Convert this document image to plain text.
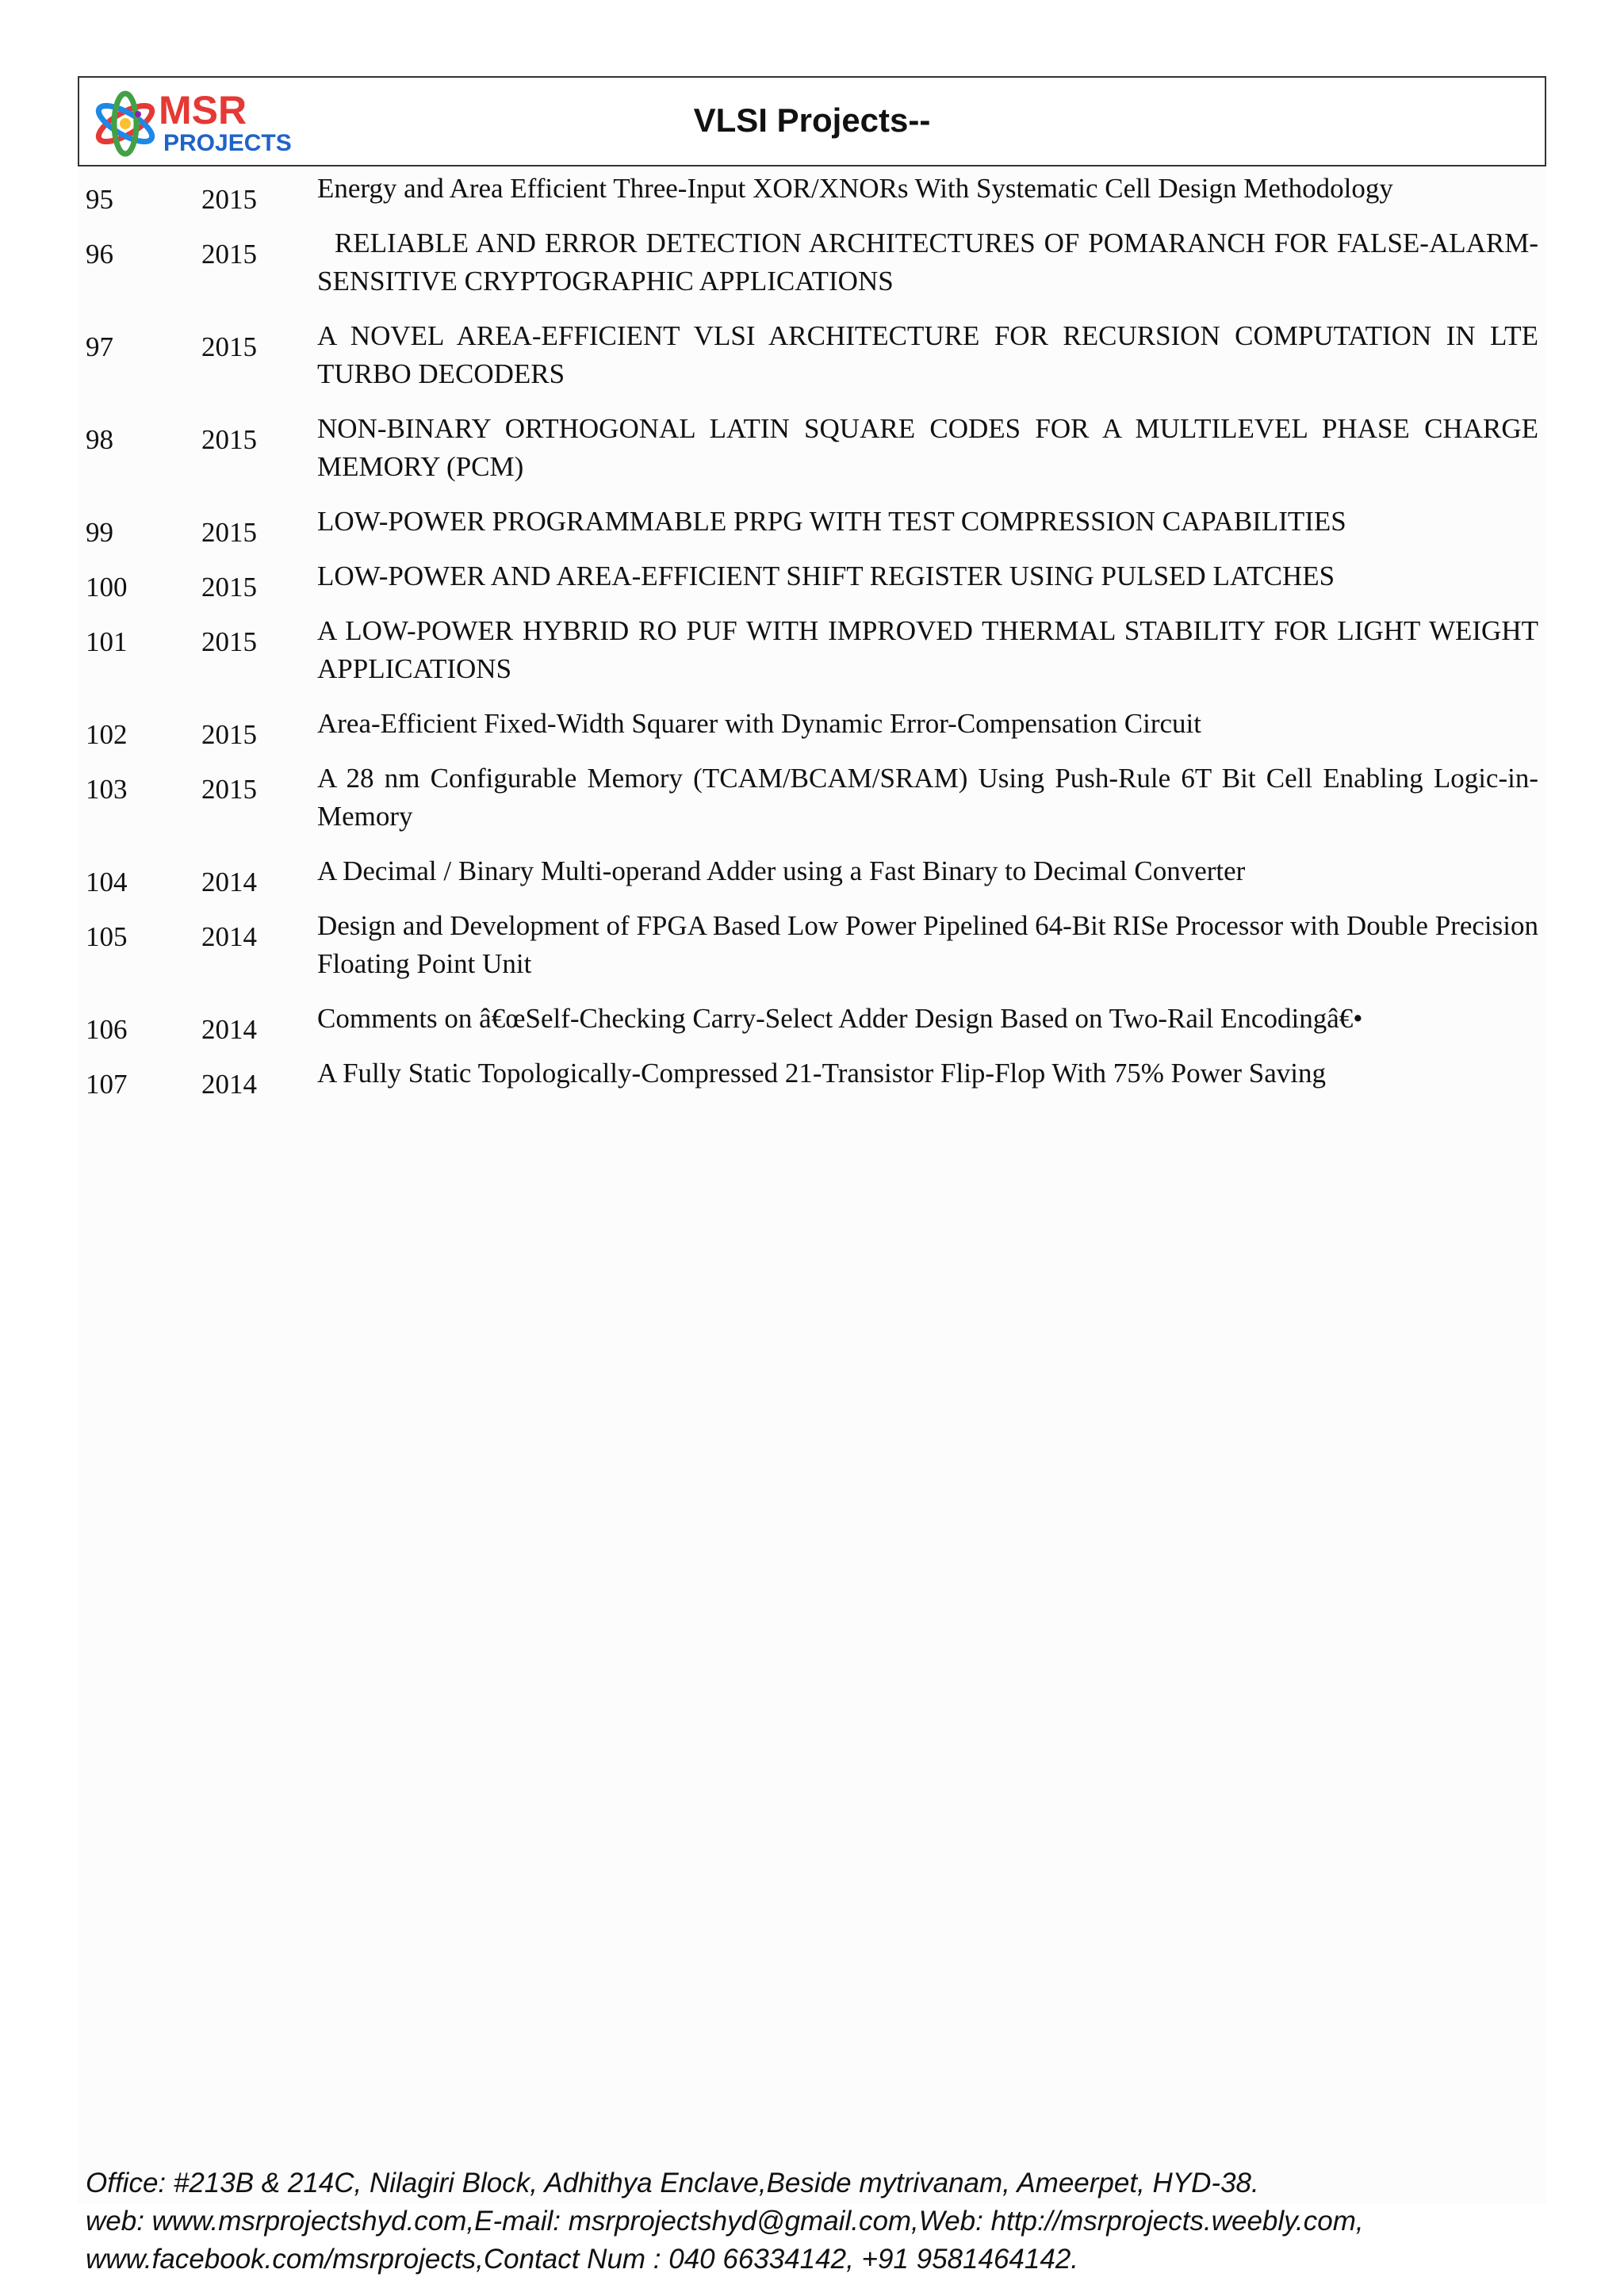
MSR
PROJECTS
VLSI Projects--
95	2015 Energy and Area Efficient Three-Input XOR/XNORs With Systematic Cell Design Methodology
96	2015 RELIABLE AND ERROR DETECTION ARCHITECTURES OF POMARANCH FOR FALSE-ALARM-SENSITIVE CRYPTOGRAPHIC APPLICATIONS
97	2015 A NOVEL AREA-EFFICIENT VLSI ARCHITECTURE FOR RECURSION COMPUTATION IN LTE TURBO DECODERS
98	2015 NON-BINARY ORTHOGONAL LATIN SQUARE CODES FOR A MULTILEVEL PHASE CHARGE MEMORY (PCM)
99	2015 LOW-POWER PROGRAMMABLE PRPG WITH TEST COMPRESSION CAPABILITIES
100	2015 LOW-POWER AND AREA-EFFICIENT SHIFT REGISTER USING PULSED LATCHES
101	2015 A LOW-POWER HYBRID RO PUF WITH IMPROVED THERMAL STABILITY FOR LIGHT WEIGHT APPLICATIONS
102	2015 Area-Efficient Fixed-Width Squarer with Dynamic Error-Compensation Circuit
103	2015 A 28 nm Configurable Memory (TCAM/BCAM/SRAM) Using Push-Rule 6T Bit Cell Enabling Logic-in-Memory
104	2014 A Decimal / Binary Multi-operand Adder using a Fast Binary to Decimal Converter
105	2014 Design and Development of FPGA Based Low Power Pipelined 64-Bit RISe Processor with Double Precision Floating Point Unit
106	2014 Comments on â€œSelf-Checking Carry-Select Adder Design Based on Two-Rail Encodingâ€•
107	2014 A Fully Static Topologically-Compressed 21-Transistor Flip-Flop With 75% Power Saving
Office: #213B & 214C, Nilagiri Block, Adhithya Enclave,Beside mytrivanam, Ameerpet, HYD-38.
web: www.msrprojectshyd.com,E-mail: msrprojectshyd@gmail.com,Web: http://msrprojects.weebly.com,
www.facebook.com/msrprojects,Contact Num : 040 66334142, +91 9581464142.
